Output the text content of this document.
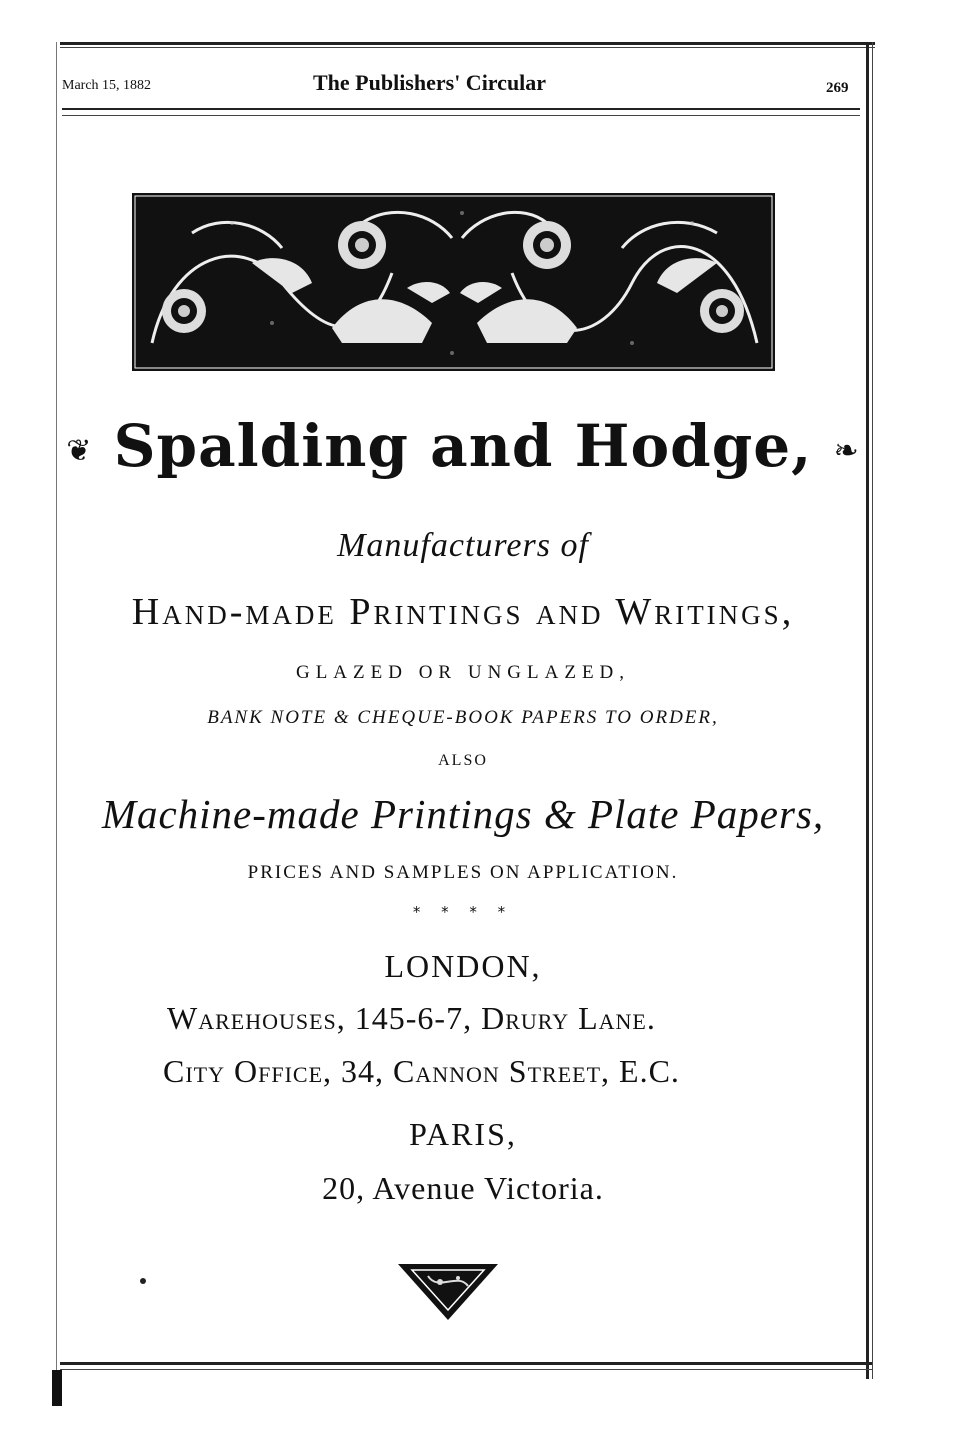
March 15, 1882	The Publishers' Circular	269
❦ Spalding and Hodge, ❧
Manufacturers of
Hand-made Printings and Writings,
GLAZED OR UNGLAZED,
BANK NOTE & CHEQUE-BOOK PAPERS TO ORDER,
ALSO
Machine-made Printings & Plate Papers,
PRICES AND SAMPLES ON APPLICATION.
* * * *
LONDON,
Warehouses, 145-6-7, Drury Lane.
City Office, 34, Cannon Street, E.C.
PARIS,
20, Avenue Victoria.
